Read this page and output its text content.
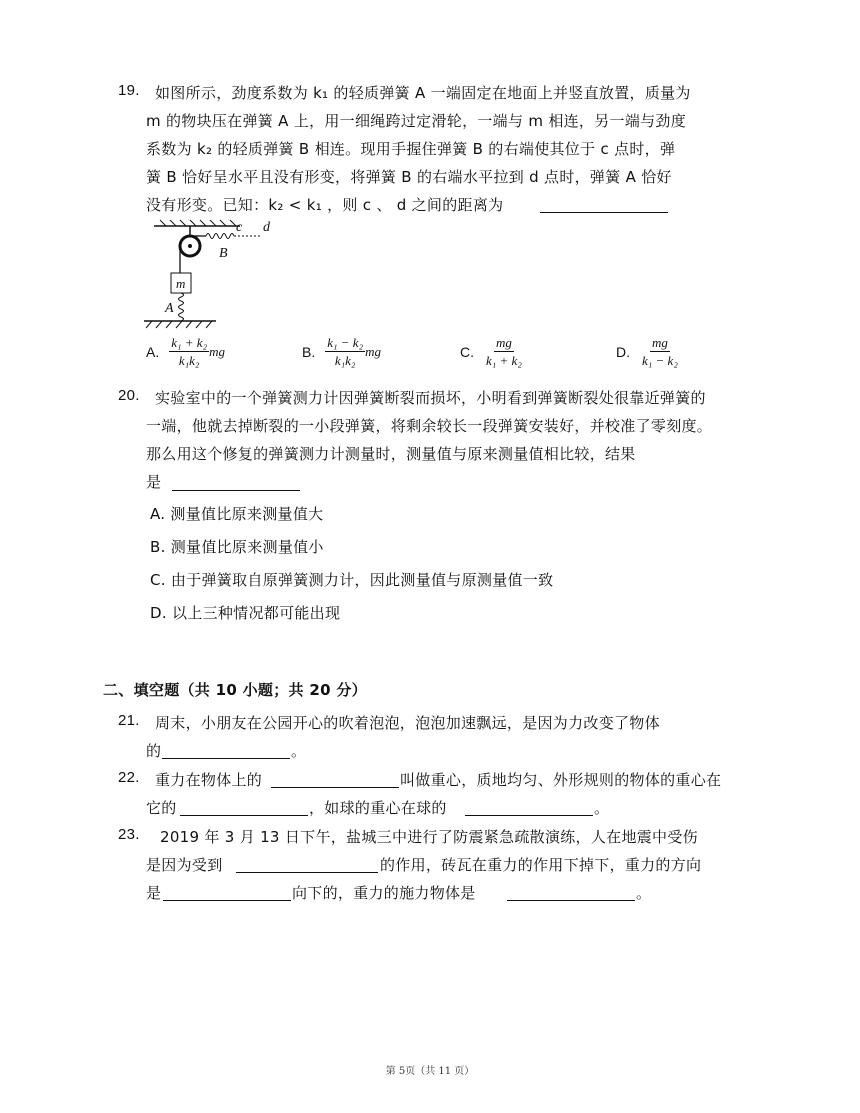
19. 如图所示，劲度系数为 k₁ 的轻质弹簧 A 一端固定在地面上并竖直放置，质量为
m 的物块压在弹簧 A 上，用一细绳跨过定滑轮，一端与 m 相连，另一端与劲度
系数为 k₂ 的轻质弹簧 B 相连。现用手握住弹簧 B 的右端使其位于 c 点时，弹
簧 B 恰好呈水平且没有形变，将弹簧 B 的右端水平拉到 d 点时，弹簧 A 恰好
没有形变。已知：k₂ < k₁ ，则 c 、 d 之间的距离为
c d
B
m
A
A. $\frac{\text{k₁ + k₂}}{\text{k₁k₂}}$ mg	B. $\frac{\text{k₁ − k₂}}{\text{k₁k₂}}$ mg	C. $\frac{mg}{\text{k₁ + k₂}}$	D. $\frac{mg}{\text{k₁ − k₂}}$
20. 实验室中的一个弹簧测力计因弹簧断裂而损坏，小明看到弹簧断裂处很靠近弹簧的
一端，他就去掉断裂的一小段弹簧，将剩余较长一段弹簧安装好，并校准了零刻度。
那么用这个修复的弹簧测力计测量时，测量值与原来测量值相比较，结果
是
A. 测量值比原来测量值大
B. 测量值比原来测量值小
C. 由于弹簧取自原弹簧测力计，因此测量值与原测量值一致
D. 以上三种情况都可能出现
二、填空题（共 10 小题；共 20 分）
21. 周末，小朋友在公园开心的吹着泡泡，泡泡加速飘远，是因为力改变了物体
的	。
22. 重力在物体上的	叫做重心，质地均匀、外形规则的物体的重心在
它的	，如球的重心在球的	。
23. 2019 年 3 月 13 日下午，盐城三中进行了防震紧急疏散演练，人在地震中受伤
是因为受到	的作用，砖瓦在重力的作用下掉下，重力的方向
是	向下的，重力的施力物体是	。
第 5页（共 11 页）
